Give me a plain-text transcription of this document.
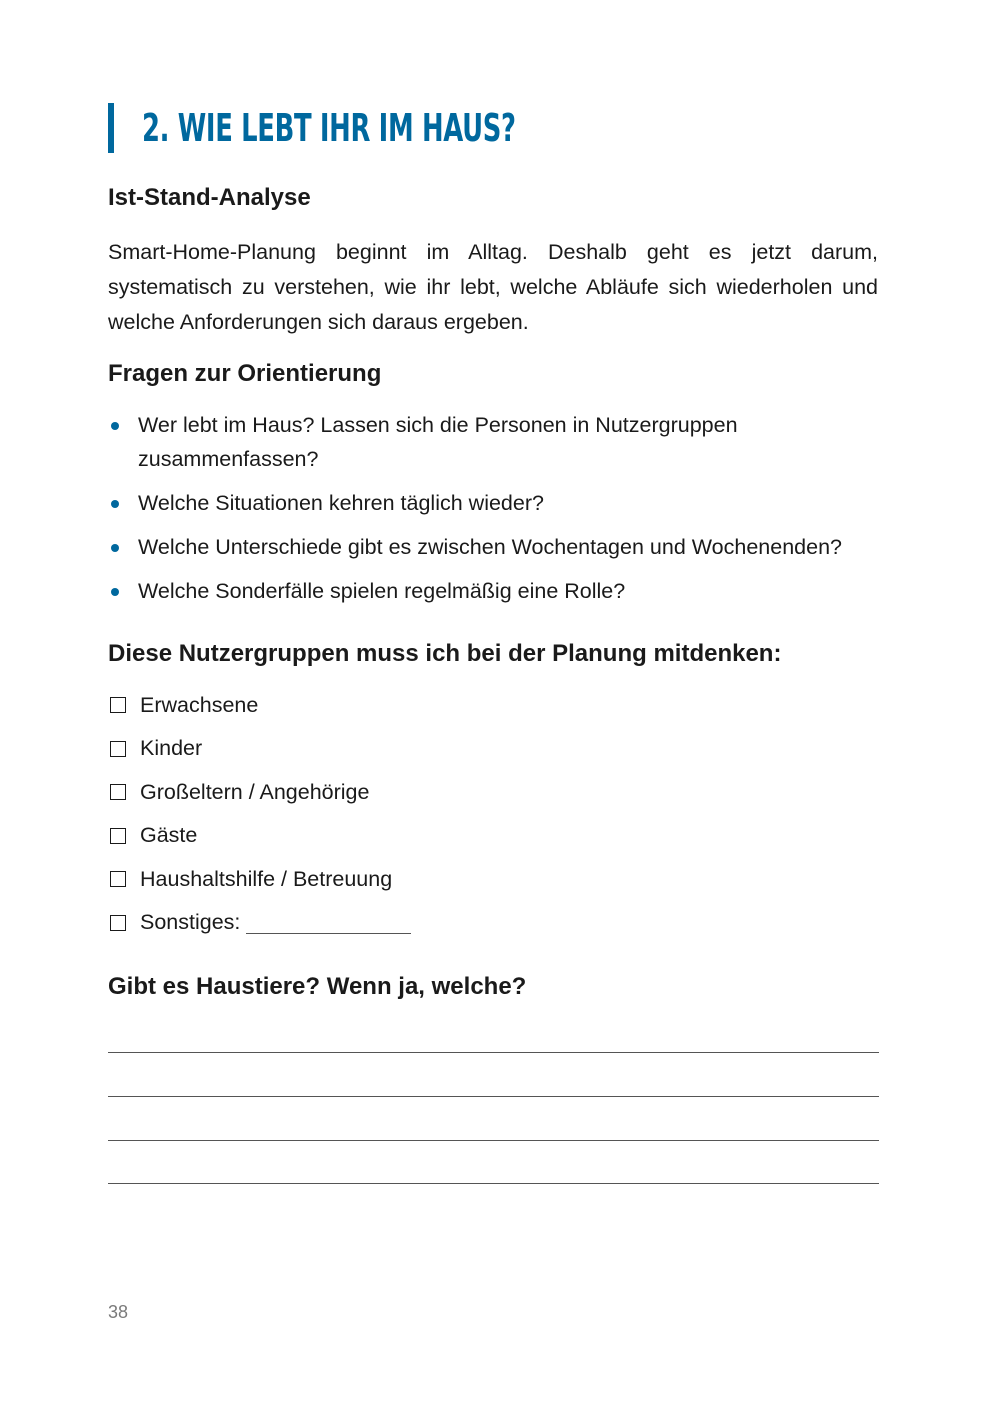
2. WIE LEBT IHR IM HAUS?
Ist-Stand-Analyse

Smart-Home-Planung beginnt im Alltag. Deshalb geht es jetzt darum, systematisch zu verstehen, wie ihr lebt, welche Abläufe sich wiederholen und welche Anforderungen sich daraus ergeben.

Fragen zur Orientierung
Wer lebt im Haus? Lassen sich die Personen in Nutzergruppen zusammenfassen?
Welche Situationen kehren täglich wieder?
Welche Unterschiede gibt es zwischen Wochentagen und Wochenenden?
Welche Sonderfälle spielen regelmäßig eine Rolle?
Diese Nutzergruppen muss ich bei der Planung mitdenken:
Erwachsene
Kinder
Großeltern / Angehörige
Gäste
Haushaltshilfe / Betreuung
Sonstiges:
Gibt es Haustiere? Wenn ja, welche?
38
